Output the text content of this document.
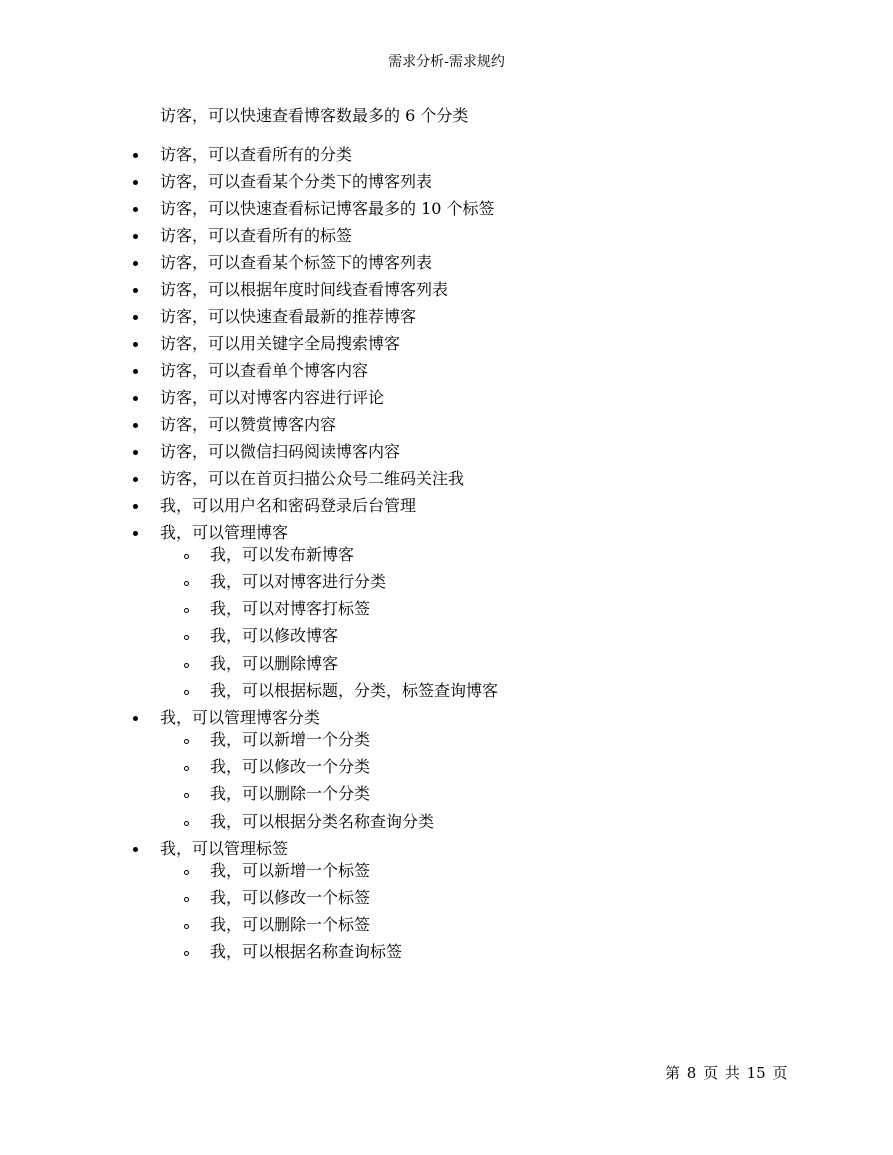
需求分析-需求规约
访客，可以快速查看博客数最多的 6 个分类
访客，可以查看所有的分类
访客，可以查看某个分类下的博客列表
访客，可以快速查看标记博客最多的 10 个标签
访客，可以查看所有的标签
访客，可以查看某个标签下的博客列表
访客，可以根据年度时间线查看博客列表
访客，可以快速查看最新的推荐博客
访客，可以用关键字全局搜索博客
访客，可以查看单个博客内容
访客，可以对博客内容进行评论
访客，可以赞赏博客内容
访客，可以微信扫码阅读博客内容
访客，可以在首页扫描公众号二维码关注我
我，可以用户名和密码登录后台管理
我，可以管理博客
我，可以发布新博客
我，可以对博客进行分类
我，可以对博客打标签
我，可以修改博客
我，可以删除博客
我，可以根据标题，分类，标签查询博客
我，可以管理博客分类
我，可以新增一个分类
我，可以修改一个分类
我，可以删除一个分类
我，可以根据分类名称查询分类
我，可以管理标签
我，可以新增一个标签
我，可以修改一个标签
我，可以删除一个标签
我，可以根据名称查询标签
第 8 页 共 15 页
